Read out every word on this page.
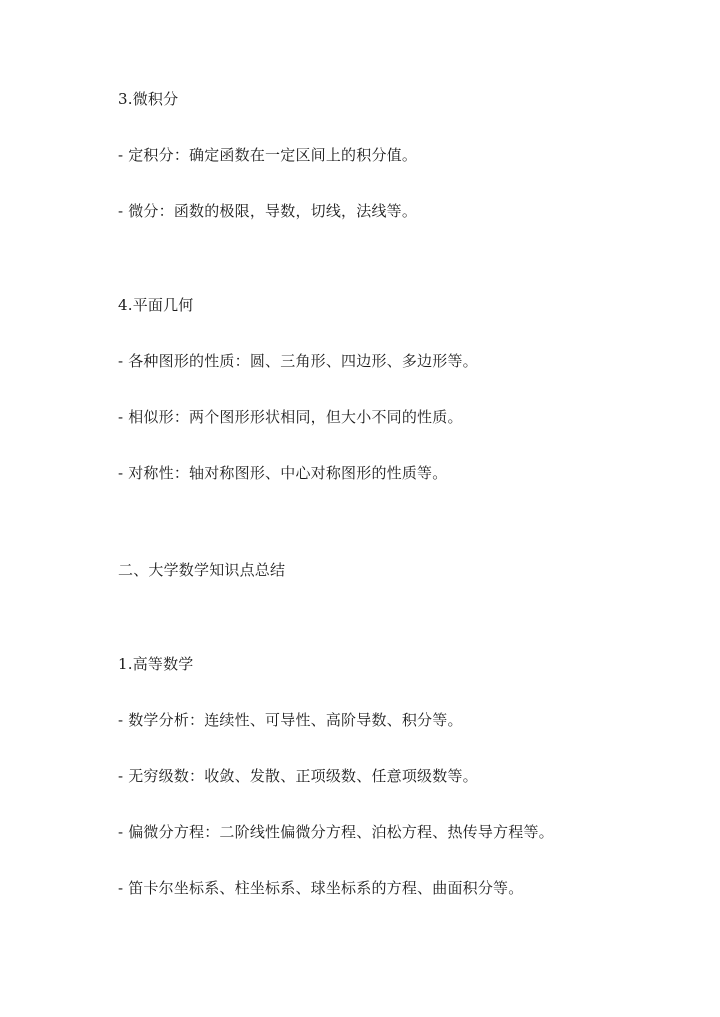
3.微积分
- 定积分：确定函数在一定区间上的积分值。
- 微分：函数的极限，导数，切线，法线等。
4.平面几何
- 各种图形的性质：圆、三角形、四边形、多边形等。
- 相似形：两个图形形状相同，但大小不同的性质。
- 对称性：轴对称图形、中心对称图形的性质等。
二、大学数学知识点总结
1.高等数学
- 数学分析：连续性、可导性、高阶导数、积分等。
- 无穷级数：收敛、发散、正项级数、任意项级数等。
- 偏微分方程：二阶线性偏微分方程、泊松方程、热传导方程等。
- 笛卡尔坐标系、柱坐标系、球坐标系的方程、曲面积分等。
